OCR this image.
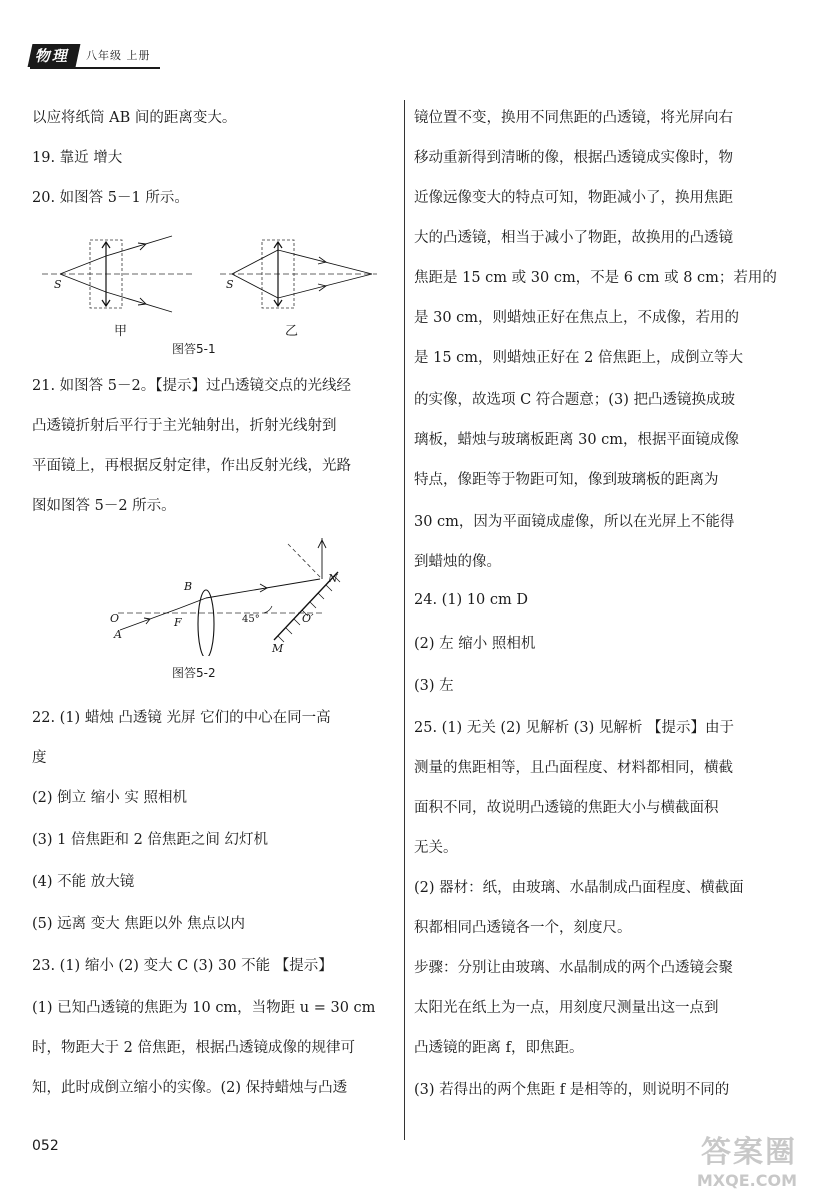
物理	八年级 上册
以应将纸筒 AB 间的距离变大。
19. 靠近 增大
20. 如图答 5－1 所示。
S	S
甲	乙
图答5-1
21. 如图答 5－2。【提示】过凸透镜交点的光线经
凸透镜折射后平行于主光轴射出，折射光线射到
平面镜上，再根据反射定律，作出反射光线，光路
图如图答 5－2 所示。
O
A
F
B
45°	O′
N
M
图答5-2
22. (1) 蜡烛 凸透镜 光屏 它们的中心在同一高
度
(2) 倒立 缩小 实 照相机
(3) 1 倍焦距和 2 倍焦距之间 幻灯机
(4) 不能 放大镜
(5) 远离 变大 焦距以外 焦点以内
23. (1) 缩小 (2) 变大 C (3) 30 不能 【提示】
(1) 已知凸透镜的焦距为 10 cm，当物距 u = 30 cm
时，物距大于 2 倍焦距，根据凸透镜成像的规律可
知，此时成倒立缩小的实像。(2) 保持蜡烛与凸透
镜位置不变，换用不同焦距的凸透镜，将光屏向右
移动重新得到清晰的像，根据凸透镜成实像时，物
近像远像变大的特点可知，物距减小了，换用焦距
大的凸透镜，相当于减小了物距，故换用的凸透镜
焦距是 15 cm 或 30 cm，不是 6 cm 或 8 cm；若用的
是 30 cm，则蜡烛正好在焦点上，不成像，若用的
是 15 cm，则蜡烛正好在 2 倍焦距上，成倒立等大
的实像，故选项 C 符合题意；(3) 把凸透镜换成玻
璃板，蜡烛与玻璃板距离 30 cm，根据平面镜成像
特点，像距等于物距可知，像到玻璃板的距离为
30 cm，因为平面镜成虚像，所以在光屏上不能得
到蜡烛的像。
24. (1) 10 cm D
(2) 左 缩小 照相机
(3) 左
25. (1) 无关 (2) 见解析 (3) 见解析 【提示】由于
测量的焦距相等，且凸面程度、材料都相同，横截
面积不同，故说明凸透镜的焦距大小与横截面积
无关。
(2) 器材：纸，由玻璃、水晶制成凸面程度、横截面
积都相同凸透镜各一个，刻度尺。
步骤：分别让由玻璃、水晶制成的两个凸透镜会聚
太阳光在纸上为一点，用刻度尺测量出这一点到
凸透镜的距离 f，即焦距。
(3) 若得出的两个焦距 f 是相等的，则说明不同的
052	答案圈
MXQE.COM
